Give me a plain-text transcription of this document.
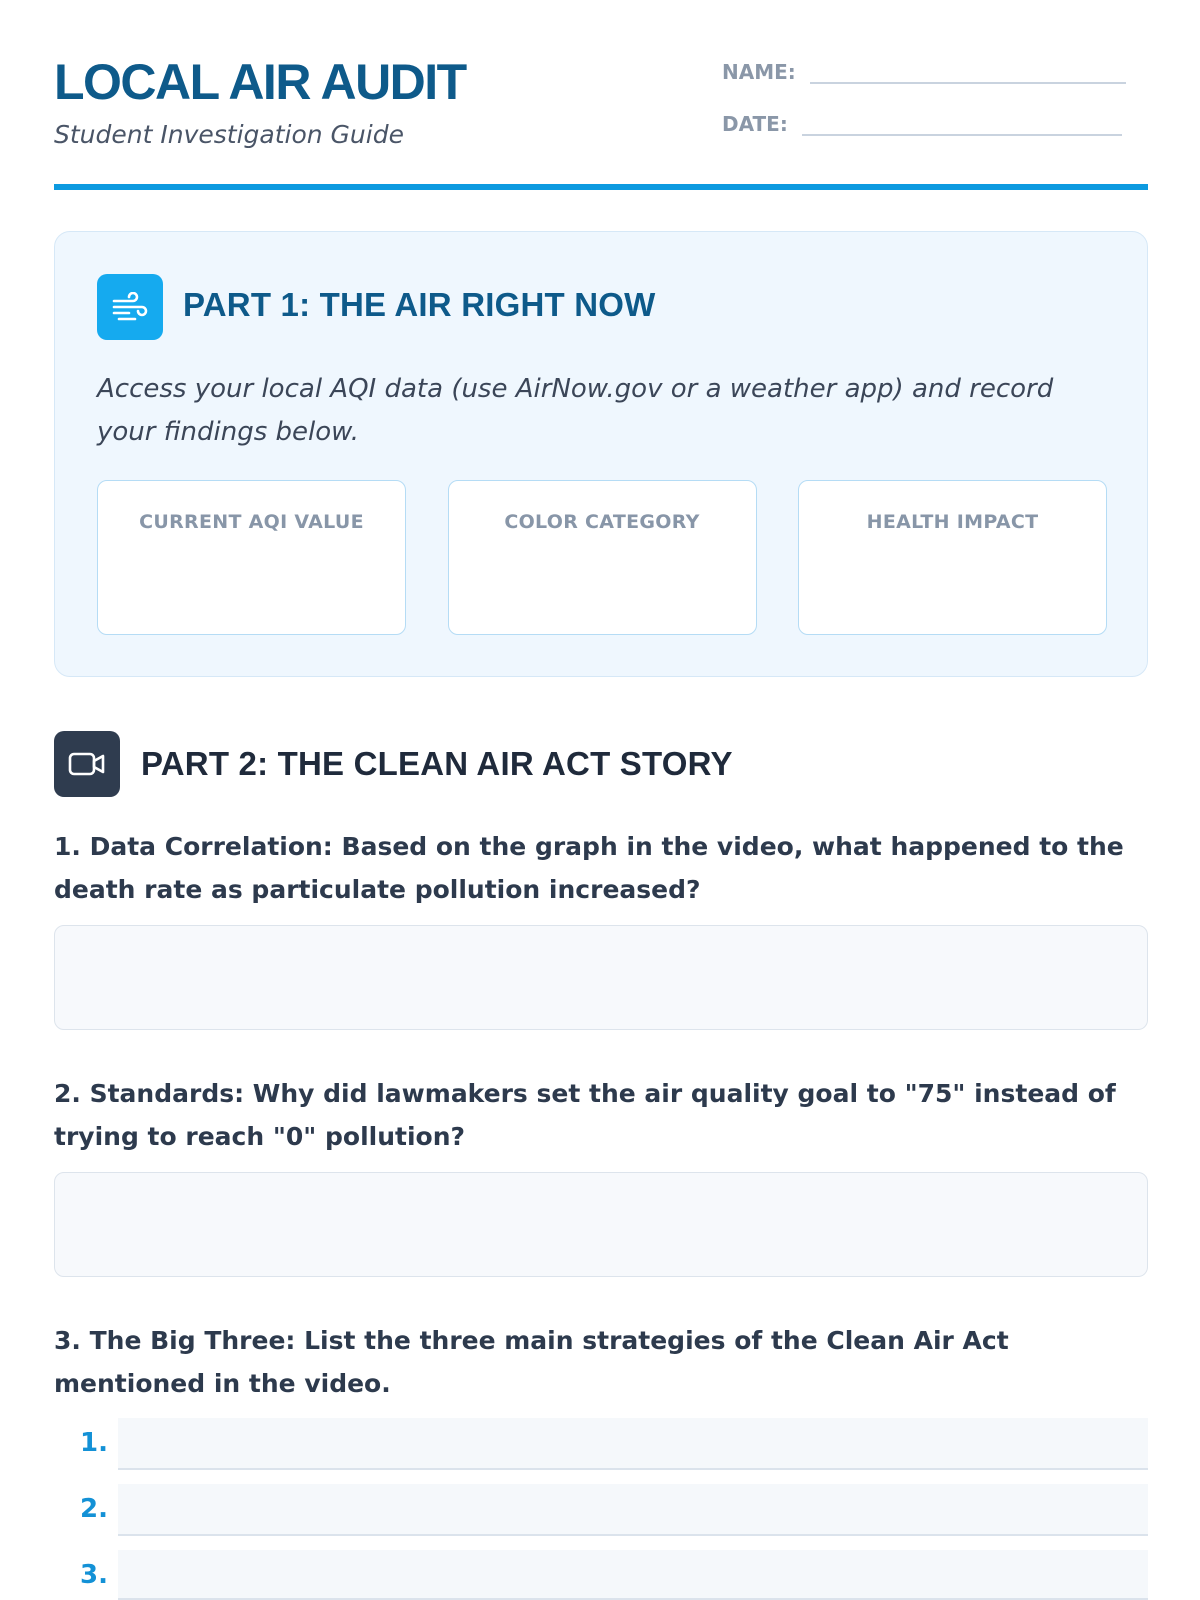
LOCAL AIR AUDIT
Student Investigation Guide
NAME:
DATE:
PART 1: THE AIR RIGHT NOW
Access your local AQI data (use AirNow.gov or a weather app) and record your findings below.
CURRENT AQI VALUE	COLOR CATEGORY	HEALTH IMPACT
PART 2: THE CLEAN AIR ACT STORY
1. Data Correlation: Based on the graph in the video, what happened to the death rate as particulate pollution increased?
2. Standards: Why did lawmakers set the air quality goal to "75" instead of trying to reach "0" pollution?
3. The Big Three: List the three main strategies of the Clean Air Act mentioned in the video.
1.
2.
3.
